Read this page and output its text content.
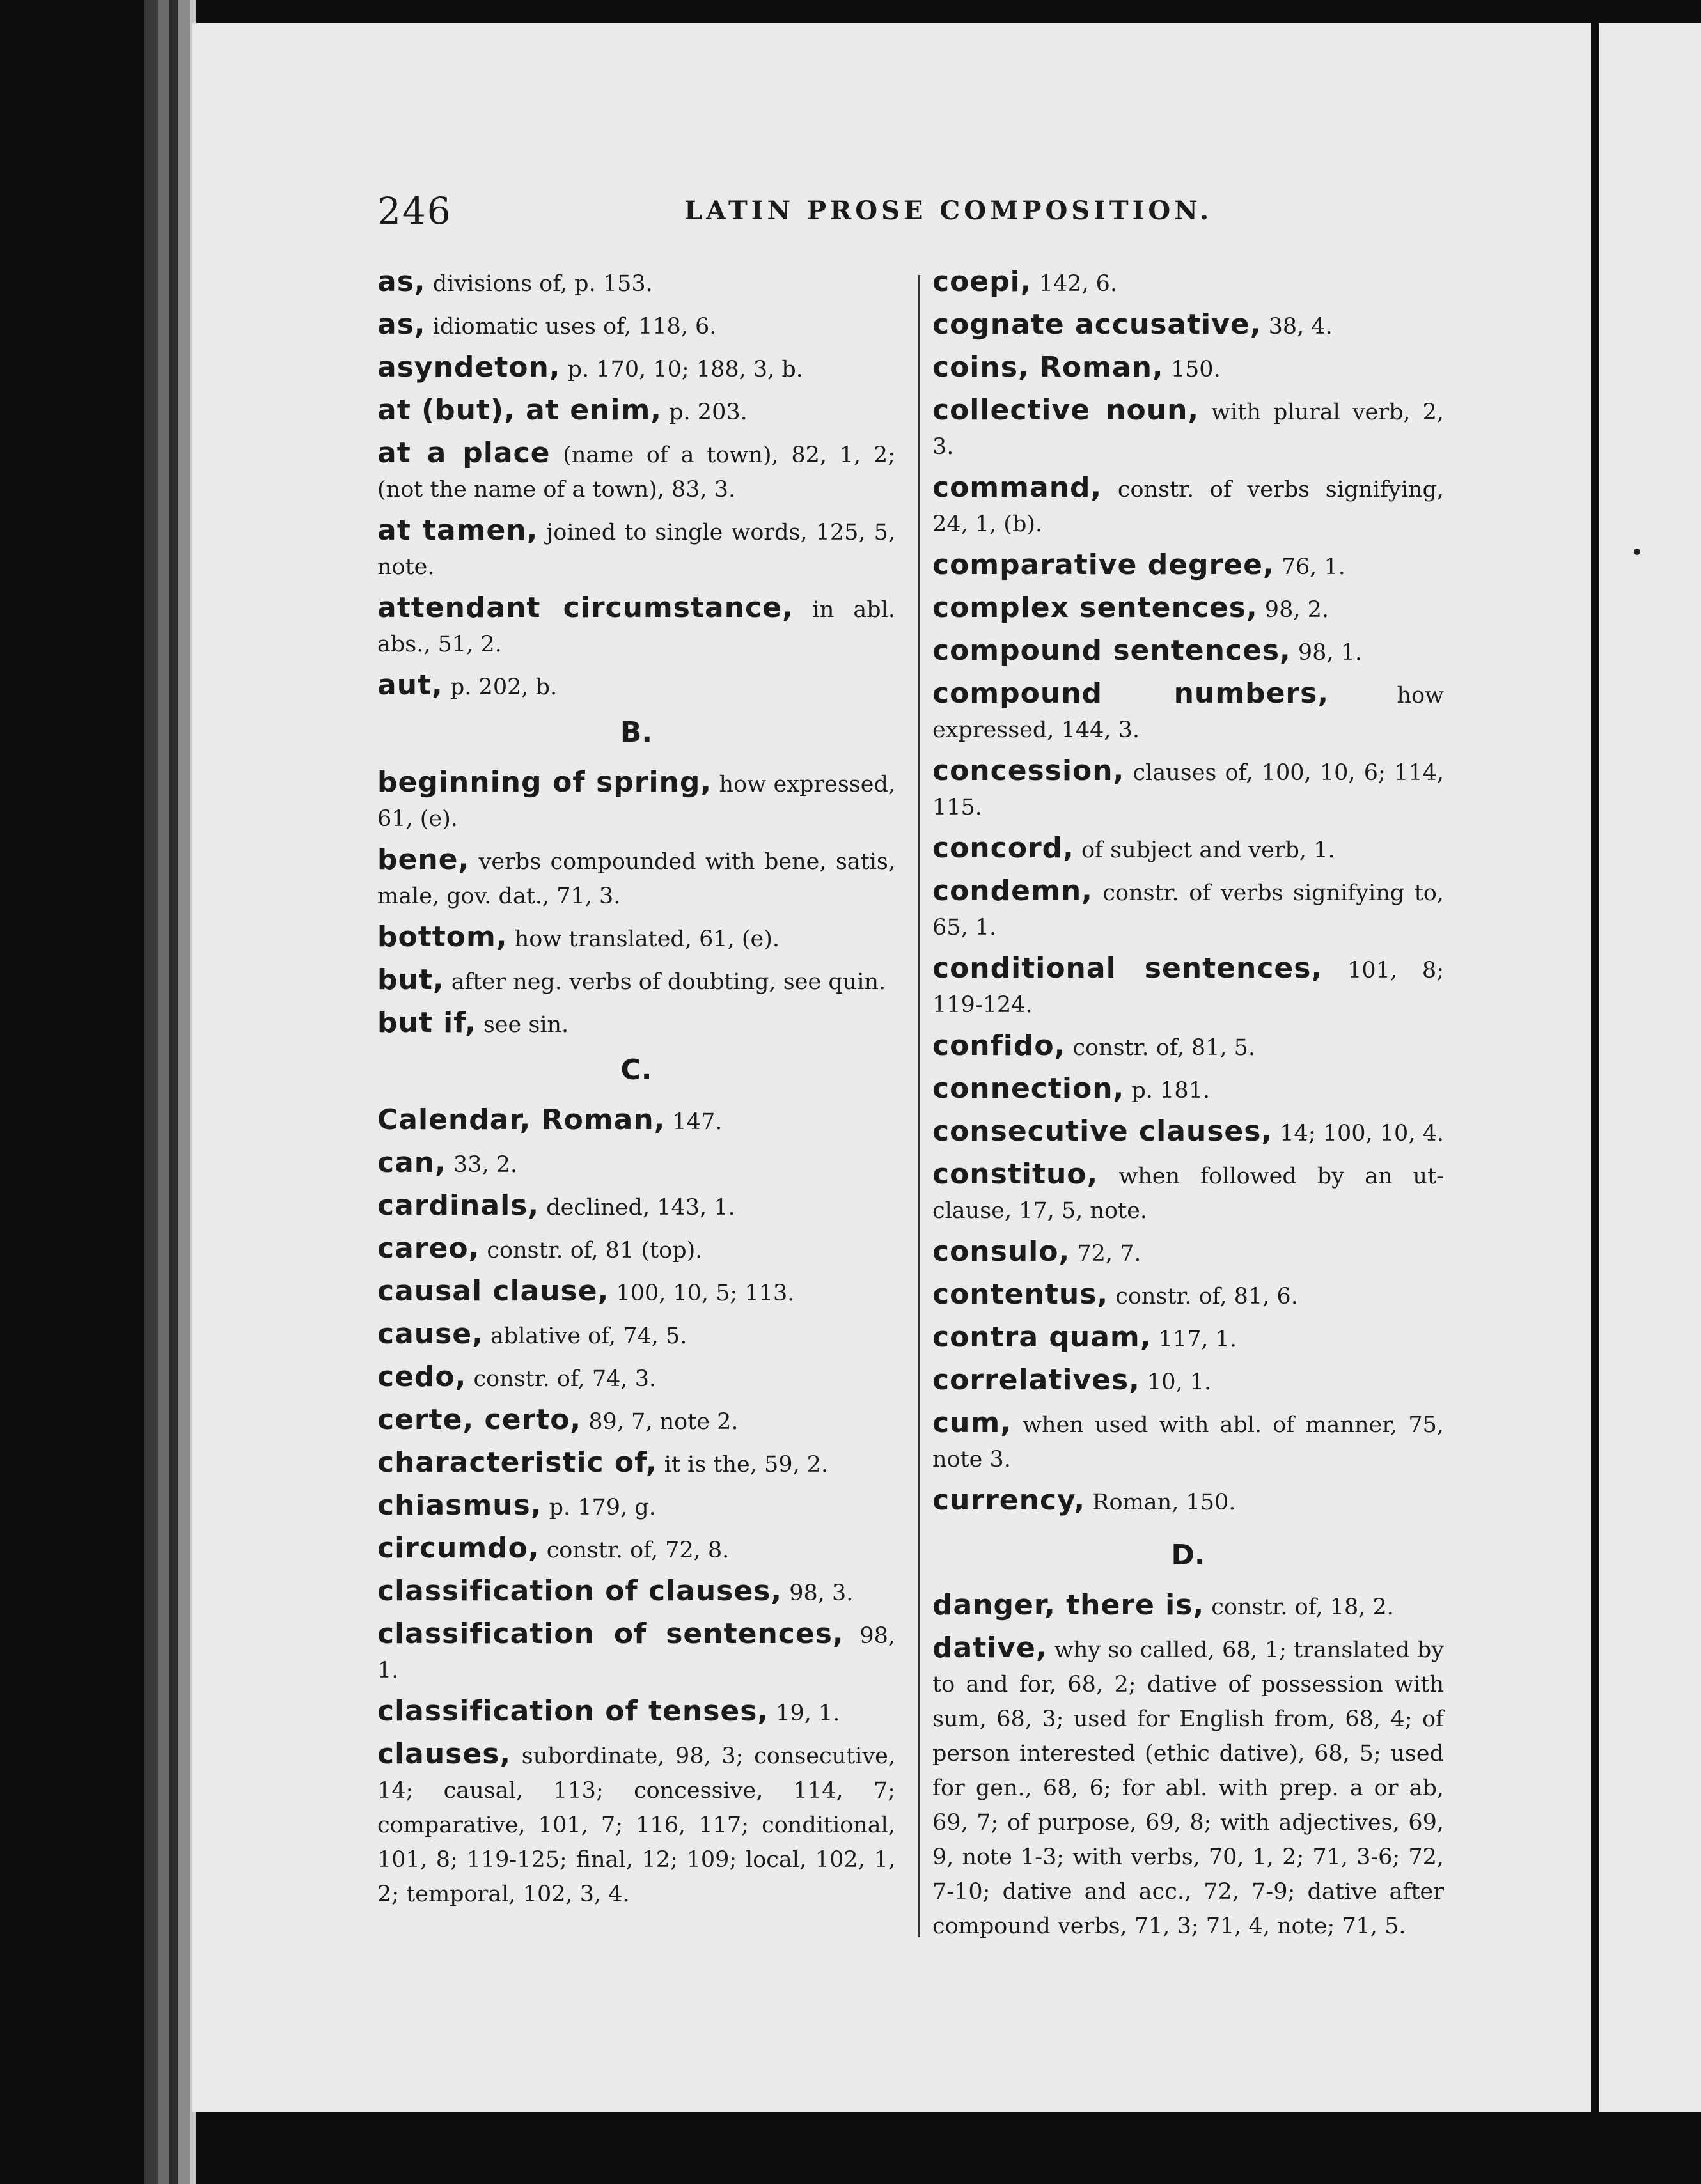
246	LATIN PROSE COMPOSITION.
as, divisions of, p. 153.
as, idiomatic uses of, 118, 6.
asyndeton, p. 170, 10; 188, 3, b.
at (but), at enim, p. 203.
at a place (name of a town), 82, 1, 2; (not the name of a town), 83, 3.
at tamen, joined to single words, 125, 5, note.
attendant circumstance, in abl. abs., 51, 2.
aut, p. 202, b.
B.
beginning of spring, how expressed, 61, (e).
bene, verbs compounded with bene, satis, male, gov. dat., 71, 3.
bottom, how translated, 61, (e).
but, after neg. verbs of doubting, see quin.
but if, see sin.
C.
Calendar, Roman, 147.
can, 33, 2.
cardinals, declined, 143, 1.
careo, constr. of, 81 (top).
causal clause, 100, 10, 5; 113.
cause, ablative of, 74, 5.
cedo, constr. of, 74, 3.
certe, certo, 89, 7, note 2.
characteristic of, it is the, 59, 2.
chiasmus, p. 179, g.
circumdo, constr. of, 72, 8.
classification of clauses, 98, 3.
classification of sentences, 98, 1.
classification of tenses, 19, 1.
clauses, subordinate, 98, 3; consecutive, 14; causal, 113; concessive, 114, 7; comparative, 101, 7; 116, 117; conditional, 101, 8; 119-125; final, 12; 109; local, 102, 1, 2; temporal, 102, 3, 4.
coepi, 142, 6.
cognate accusative, 38, 4.
coins, Roman, 150.
collective noun, with plural verb, 2, 3.
command, constr. of verbs signifying, 24, 1, (b).
comparative degree, 76, 1.
complex sentences, 98, 2.
compound sentences, 98, 1.
compound numbers, how expressed, 144, 3.
concession, clauses of, 100, 10, 6; 114, 115.
concord, of subject and verb, 1.
condemn, constr. of verbs signifying to, 65, 1.
conditional sentences, 101, 8; 119-124.
confido, constr. of, 81, 5.
connection, p. 181.
consecutive clauses, 14; 100, 10, 4.
constituo, when followed by an ut-clause, 17, 5, note.
consulo, 72, 7.
contentus, constr. of, 81, 6.
contra quam, 117, 1.
correlatives, 10, 1.
cum, when used with abl. of manner, 75, note 3.
currency, Roman, 150.
D.
danger, there is, constr. of, 18, 2.
dative, why so called, 68, 1; translated by to and for, 68, 2; dative of possession with sum, 68, 3; used for English from, 68, 4; of person interested (ethic dative), 68, 5; used for gen., 68, 6; for abl. with prep. a or ab, 69, 7; of purpose, 69, 8; with adjectives, 69, 9, note 1-3; with verbs, 70, 1, 2; 71, 3-6; 72, 7-10; dative and acc., 72, 7-9; dative after compound verbs, 71, 3; 71, 4, note; 71, 5.
